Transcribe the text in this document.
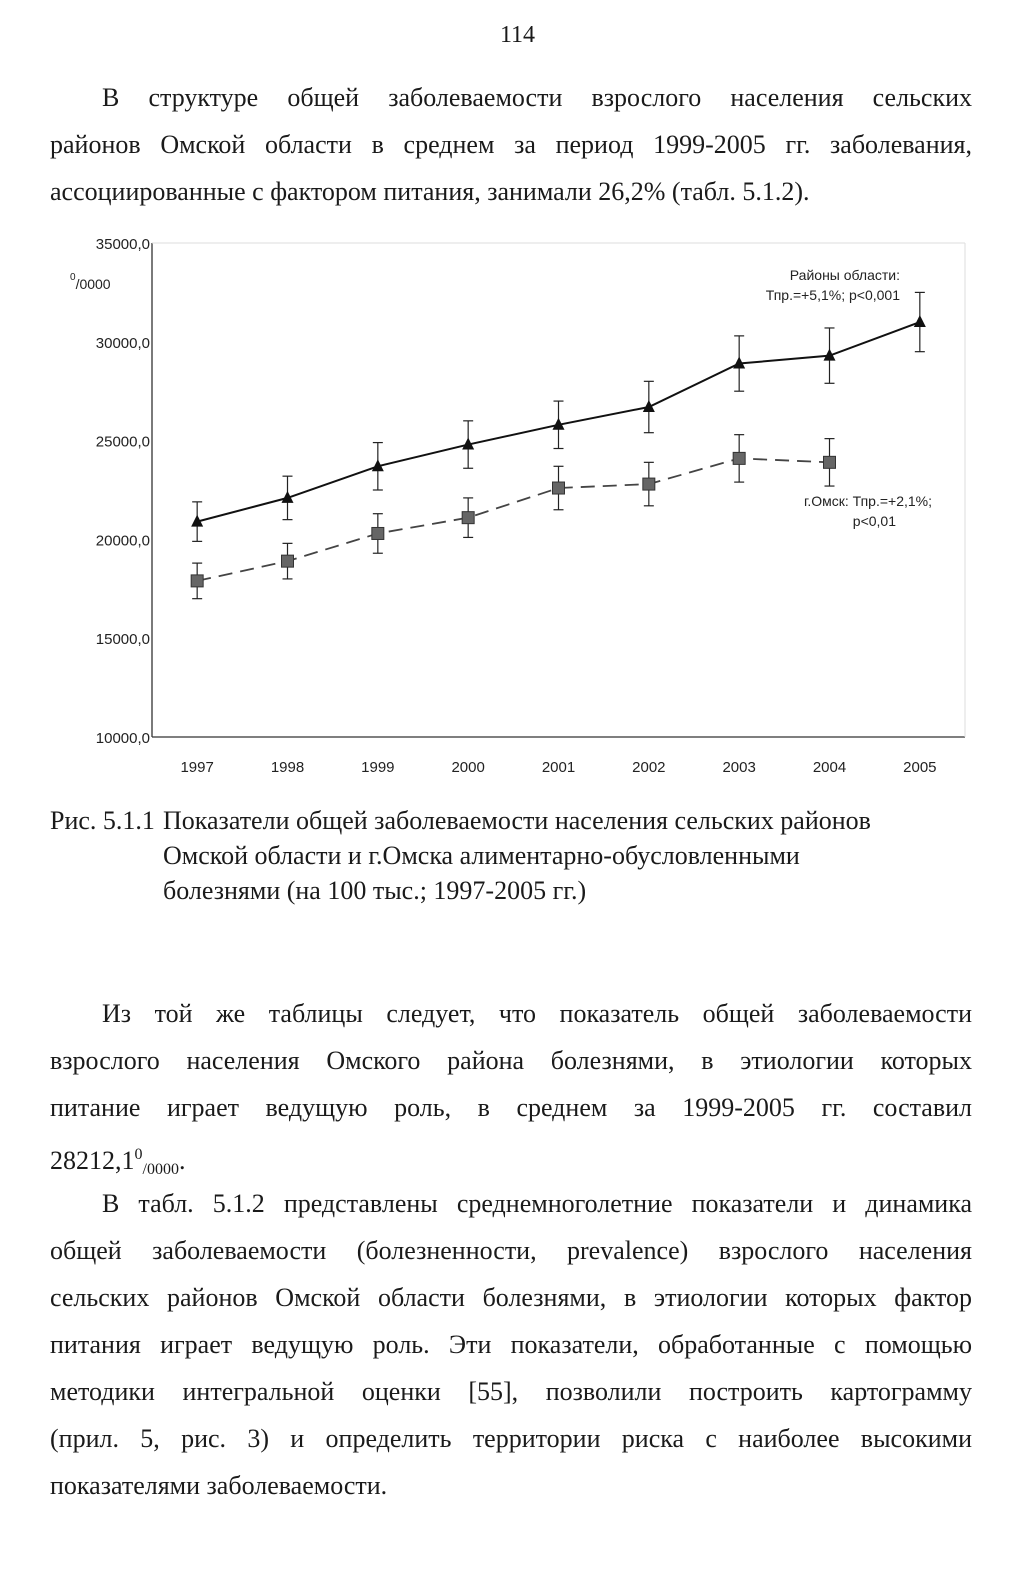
114
В структуре общей заболеваемости взрослого населения сельских
районов Омской области в среднем за период 1999-2005 гг. заболевания,
ассоциированные с фактором питания, занимали 26,2% (табл. 5.1.2).
35000,0
30000,0
25000,0
20000,0
15000,0
10000,0
1997	1998	1999	2000	2001	2002	2003	2004	2005
Районы области:
Тпр.=+5,1%; p<0,001
г.Омск: Тпр.=+2,1%;
p<0,01
$^0$/0000
Рис. 5.1.1 Показатели общей заболеваемости населения сельских районов
Омской области и г.Омска алиментарно-обусловленными
болезнями (на 100 тыс.; 1997-2005 гг.)
Из той же таблицы следует, что показатель общей заболеваемости
взрослого населения Омского района болезнями, в этиологии которых
питание играет ведущую роль, в среднем за 1999-2005 гг. составил
$28212,1^0_{/0000}$.
В табл. 5.1.2 представлены среднемноголетние показатели и динамика
общей заболеваемости (болезненности, prevalence) взрослого населения
сельских районов Омской области болезнями, в этиологии которых фактор
питания играет ведущую роль. Эти показатели, обработанные с помощью
методики интегральной оценки [55], позволили построить картограмму
(прил. 5, рис. 3) и определить территории риска с наиболее высокими
показателями заболеваемости.
